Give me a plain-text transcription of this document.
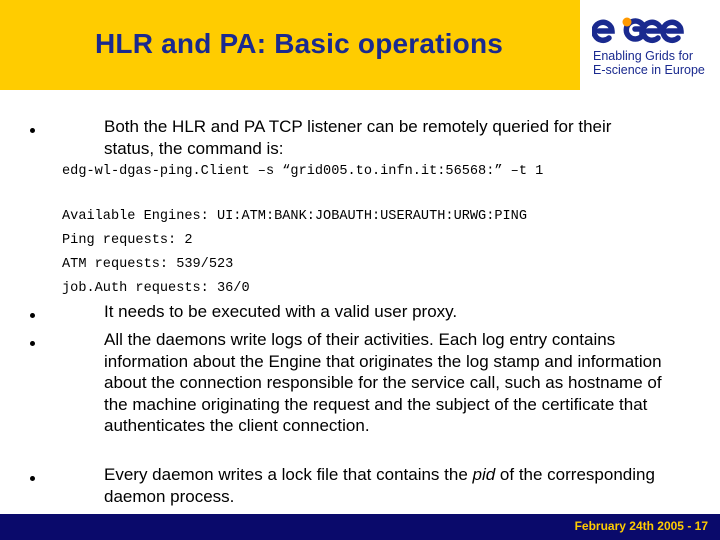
HLR and PA: Basic operations	Enabling Grids for
E-science in Europe
Both the HLR and PA TCP listener can be remotely queried for their status, the command is:
edg-wl-dgas-ping.Client –s “grid005.to.infn.it:56568:” –t 1
Available Engines: UI:ATM:BANK:JOBAUTH:USERAUTH:URWG:PING
Ping requests: 2
ATM requests: 539/523
job.Auth requests: 36/0
It needs to be executed with a valid user proxy.
All the daemons write logs of their activities. Each log entry contains information about the Engine that originates the log stamp and information about the connection responsible for the service call, such as hostname of the machine originating the request and the subject of the certificate that authenticates the client connection.
Every daemon writes a lock file that contains the pid of the corresponding daemon process.
February 24th 2005 - 17
